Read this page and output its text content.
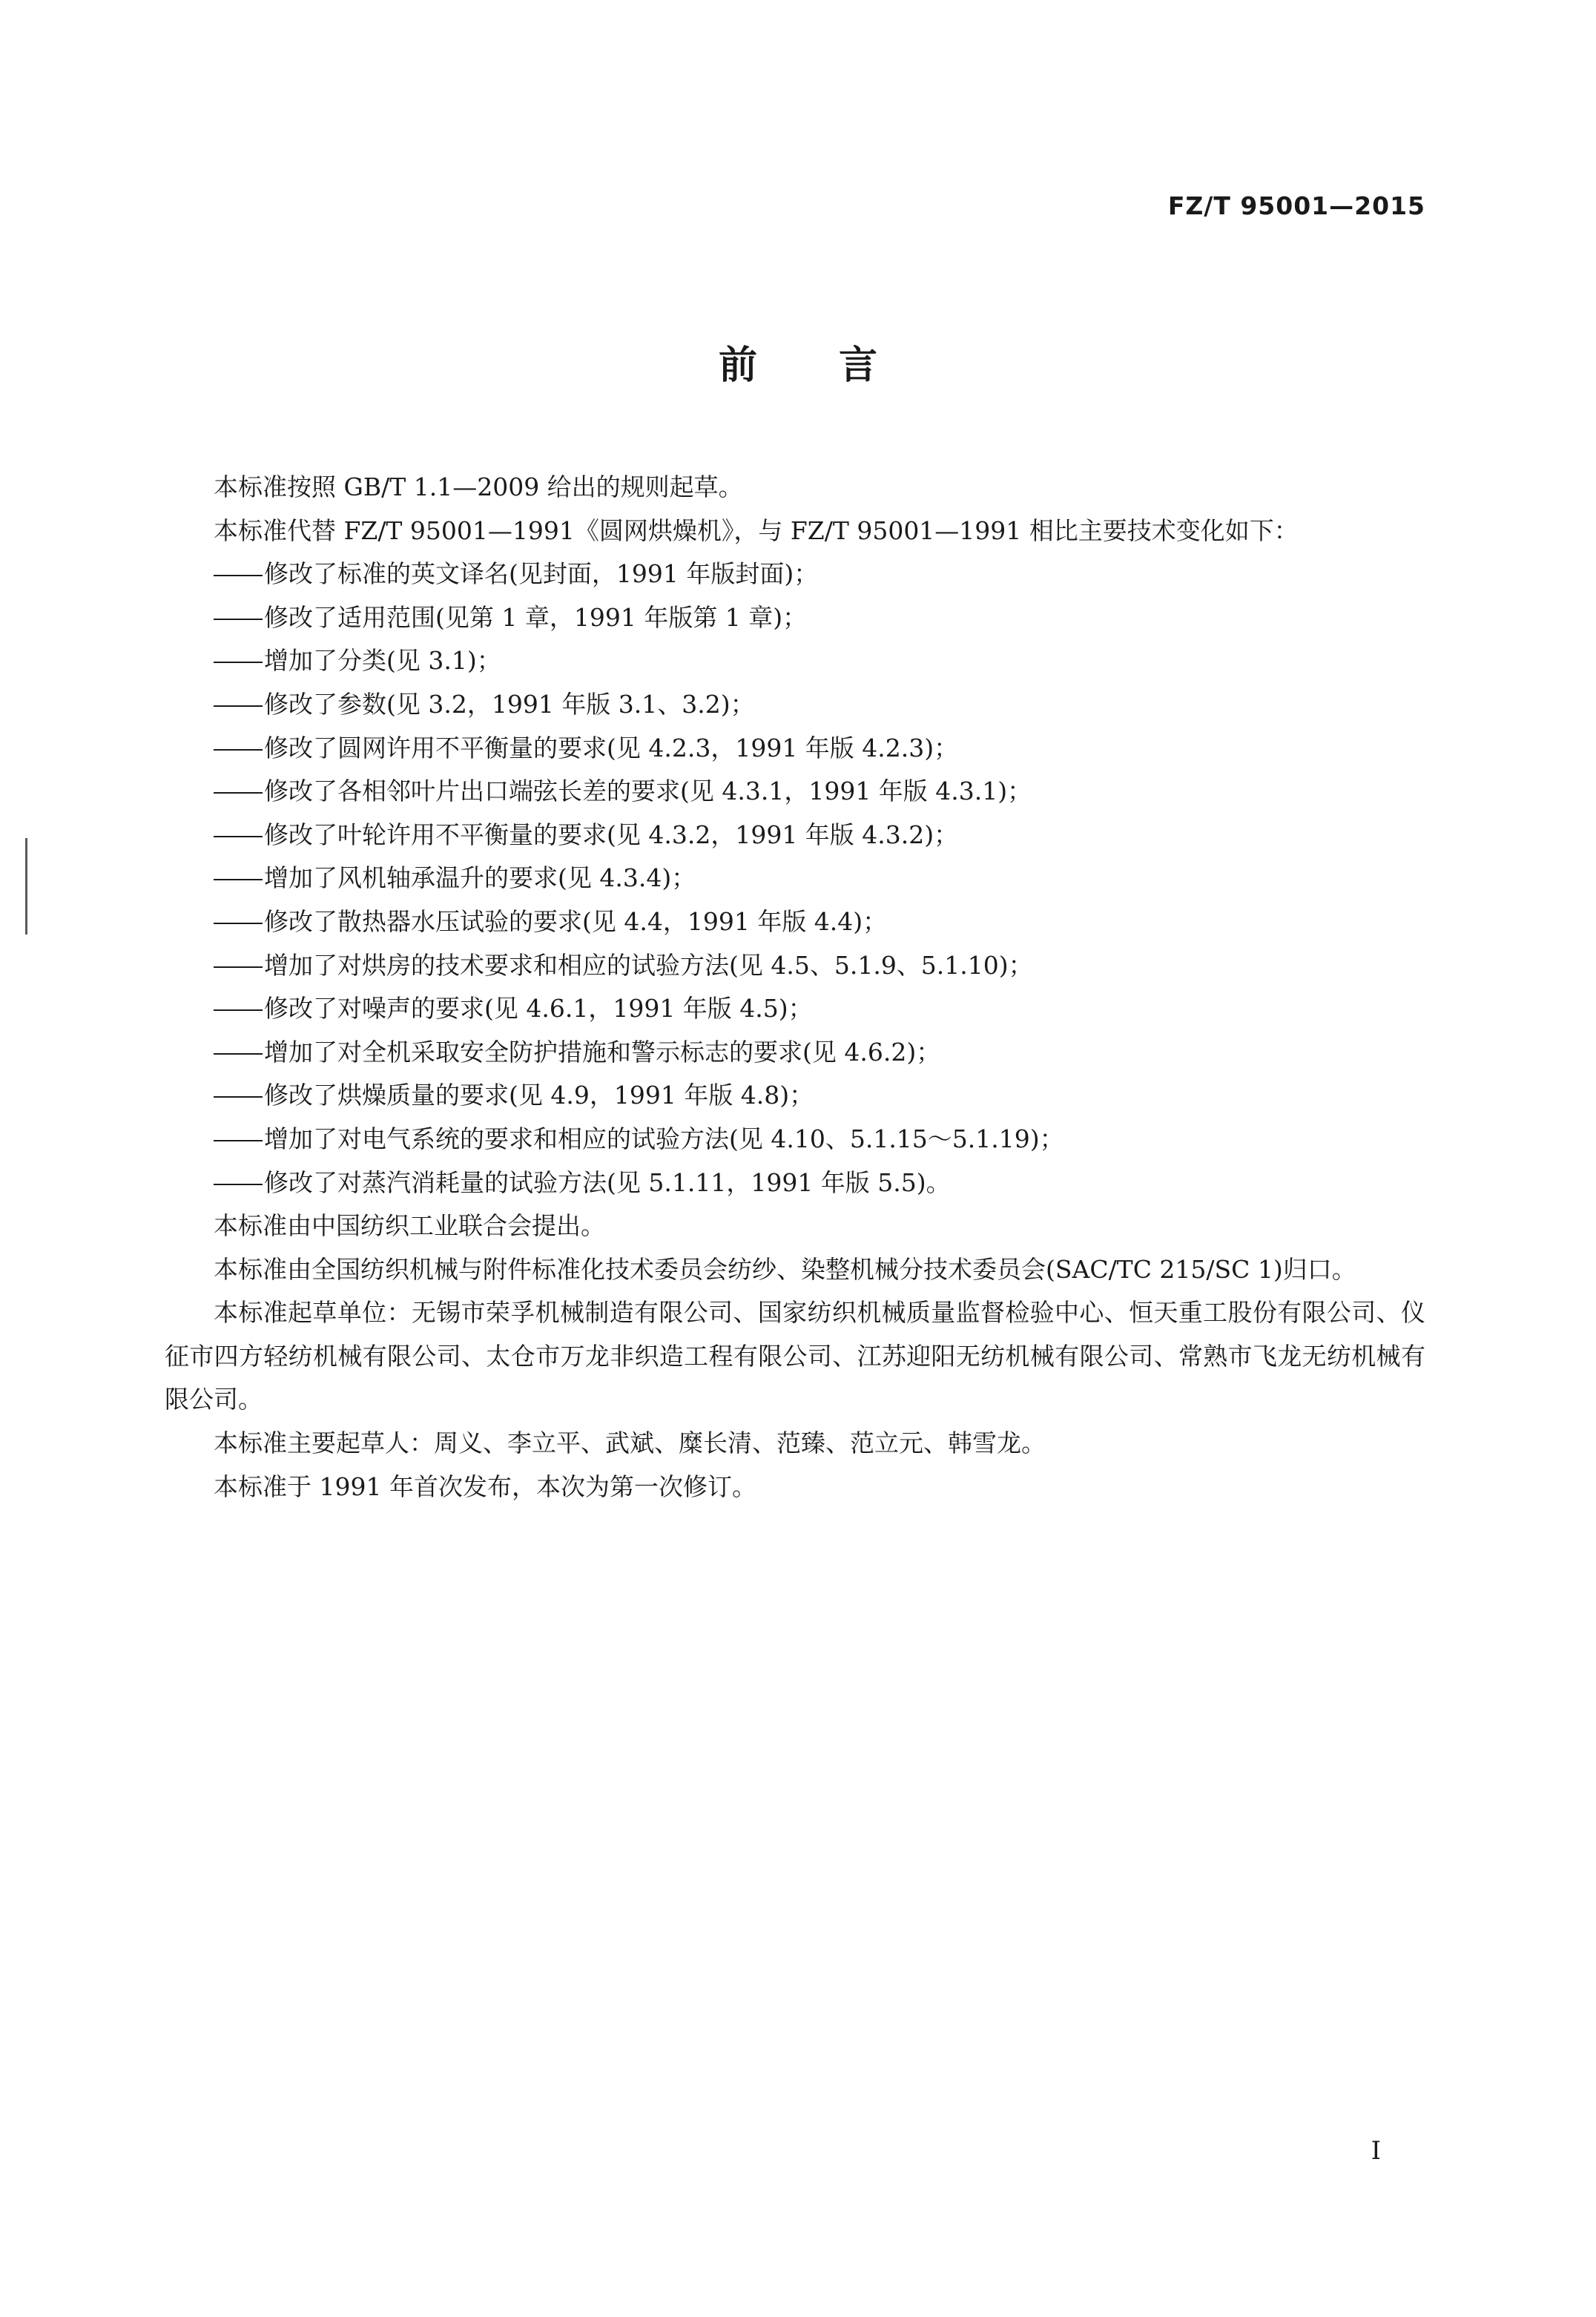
FZ/T 95001—2015

前言

本标准按照 GB/T 1.1—2009 给出的规则起草。

本标准代替 FZ/T 95001—1991《圆网烘燥机》，与 FZ/T 95001—1991 相比主要技术变化如下：

修改了标准的英文译名(见封面，1991 年版封面)；
修改了适用范围(见第 1 章，1991 年版第 1 章)；
增加了分类(见 3.1)；
修改了参数(见 3.2，1991 年版 3.1、3.2)；
修改了圆网许用不平衡量的要求(见 4.2.3，1991 年版 4.2.3)；
修改了各相邻叶片出口端弦长差的要求(见 4.3.1，1991 年版 4.3.1)；
修改了叶轮许用不平衡量的要求(见 4.3.2，1991 年版 4.3.2)；
增加了风机轴承温升的要求(见 4.3.4)；
修改了散热器水压试验的要求(见 4.4，1991 年版 4.4)；
增加了对烘房的技术要求和相应的试验方法(见 4.5、5.1.9、5.1.10)；
修改了对噪声的要求(见 4.6.1，1991 年版 4.5)；
增加了对全机采取安全防护措施和警示标志的要求(见 4.6.2)；
修改了烘燥质量的要求(见 4.9，1991 年版 4.8)；
增加了对电气系统的要求和相应的试验方法(见 4.10、5.1.15～5.1.19)；
修改了对蒸汽消耗量的试验方法(见 5.1.11，1991 年版 5.5)。

本标准由中国纺织工业联合会提出。

本标准由全国纺织机械与附件标准化技术委员会纺纱、染整机械分技术委员会(SAC/TC 215/SC 1)归口。

本标准起草单位：无锡市荣孚机械制造有限公司、国家纺织机械质量监督检验中心、恒天重工股份有限公司、仪征市四方轻纺机械有限公司、太仓市万龙非织造工程有限公司、江苏迎阳无纺机械有限公司、常熟市飞龙无纺机械有限公司。

本标准主要起草人：周义、李立平、武斌、糜长清、范臻、范立元、韩雪龙。

本标准于 1991 年首次发布，本次为第一次修订。

I
